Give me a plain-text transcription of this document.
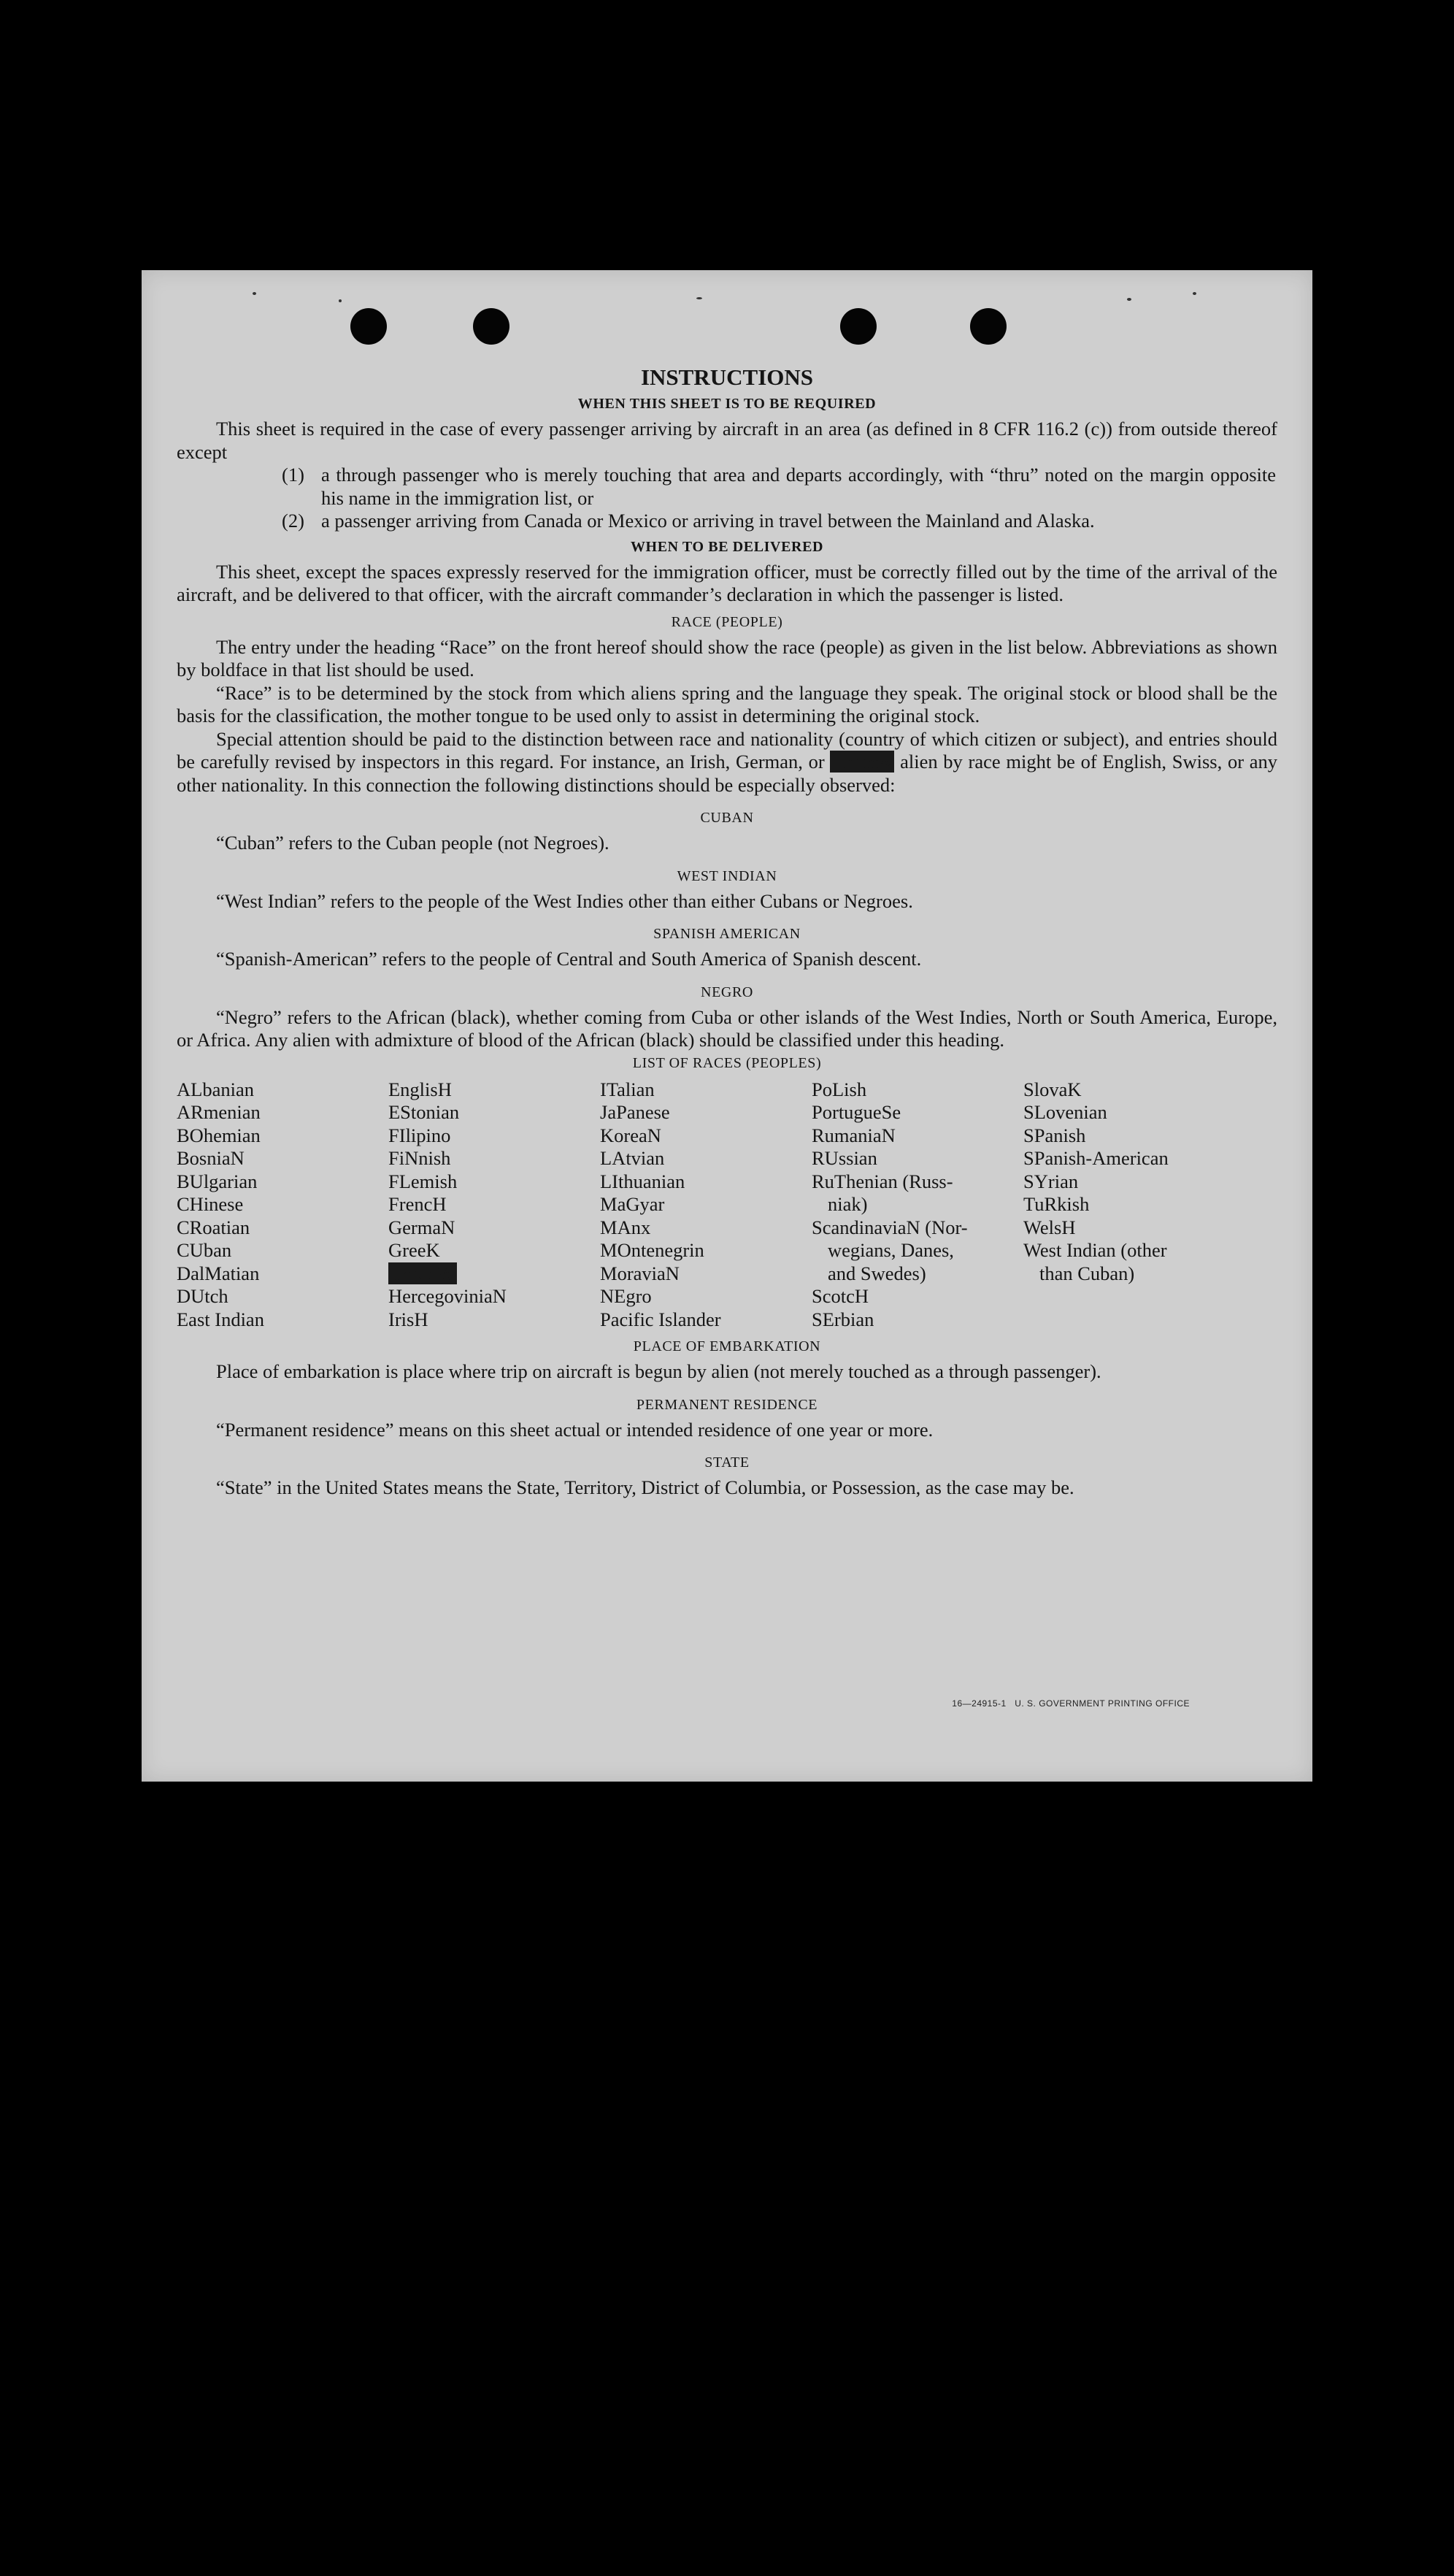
INSTRUCTIONS
WHEN THIS SHEET IS TO BE REQUIRED

This sheet is required in the case of every passenger arriving by aircraft in an area (as defined in 8 CFR 116.2 (c)) from outside thereof except

(1) a through passenger who is merely touching that area and departs accordingly, with “thru” noted on the margin opposite his name in the immigration list, or

(2) a passenger arriving from Canada or Mexico or arriving in travel between the Mainland and Alaska.

WHEN TO BE DELIVERED

This sheet, except the spaces expressly reserved for the immigration officer, must be correctly filled out by the time of the arrival of the aircraft, and be delivered to that officer, with the aircraft commander’s declaration in which the passenger is listed.

RACE (PEOPLE)

The entry under the heading “Race” on the front hereof should show the race (people) as given in the list below. Abbreviations as shown by boldface in that list should be used.

“Race” is to be determined by the stock from which aliens spring and the language they speak. The original stock or blood shall be the basis for the classification, the mother tongue to be used only to assist in determining the original stock.

Special attention should be paid to the distinction between race and nationality (country of which citizen or subject), and entries should be carefully revised by inspectors in this regard. For instance, an Irish, German, or Hebrew alien by race might be of English, Swiss, or any other nationality. In this connection the following distinctions should be especially observed:

CUBAN

“Cuban” refers to the Cuban people (not Negroes).

WEST INDIAN

“West Indian” refers to the people of the West Indies other than either Cubans or Negroes.

SPANISH AMERICAN

“Spanish-American” refers to the people of Central and South America of Spanish descent.

NEGRO

“Negro” refers to the African (black), whether coming from Cuba or other islands of the West Indies, North or South America, Europe, or Africa. Any alien with admixture of blood of the African (black) should be classified under this heading.

LIST OF RACES (PEOPLES)
ALbanian
ARmenian
BOhemian
BosniaN
BUlgarian
CHinese
CRoatian
CUban
DalMatian
DUtch
East Indian
EnglisH
EStonian
FIlipino
FiNnish
FLemish
FrencH
GermaN
GreeK
HebreW
HercegoviniaN
IrisH
ITalian
JaPanese
KoreaN
LAtvian
LIthuanian
MaGyar
MAnx
MOntenegrin
MoraviaN
NEgro
Pacific Islander
PoLish
PortugueSe
RumaniaN
RUssian
RuThenian (Russ-
niak)
ScandinaviaN (Nor-
wegians, Danes,
and Swedes)
ScotcH
SErbian
SlovaK
SLovenian
SPanish
SPanish-American
SYrian
TuRkish
WelsH
West Indian (other
than Cuban)
PLACE OF EMBARKATION

Place of embarkation is place where trip on aircraft is begun by alien (not merely touched as a through passenger).

PERMANENT RESIDENCE

“Permanent residence” means on this sheet actual or intended residence of one year or more.

STATE

“State” in the United States means the State, Territory, District of Columbia, or Possession, as the case may be.

16—24915-1 U. S. GOVERNMENT PRINTING OFFICE
